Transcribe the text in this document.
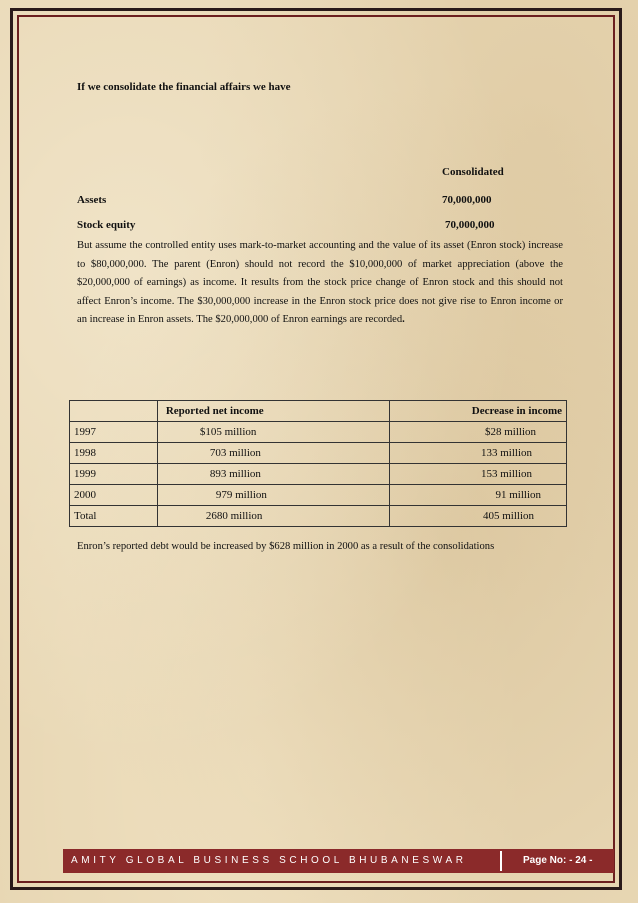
If we consolidate the financial affairs we have
Consolidated
Assets	70,000,000
Stock equity	70,000,000
But assume the controlled entity uses mark-to-market accounting and the value of its asset (Enron stock) increase to $80,000,000. The parent (Enron) should not record the $10,000,000 of market appreciation (above the $20,000,000 of earnings) as income. It results from the stock price change of Enron stock and this should not affect Enron’s income. The $30,000,000 increase in the Enron stock price does not give rise to Enron income or an increase in Enron assets. The $20,000,000 of Enron earnings are recorded.
	Reported net income	Decrease in income
1997	$105 million	$28 million
1998	703 million	133 million
1999	893 million	153 million
2000	979 million	91 million
Total	2680 million	405 million
Enron’s reported debt would be increased by $628 million in 2000 as a result of the consolidations
AMITY GLOBAL BUSINESS SCHOOL BHUBANESWAR	Page No: - 24 -
